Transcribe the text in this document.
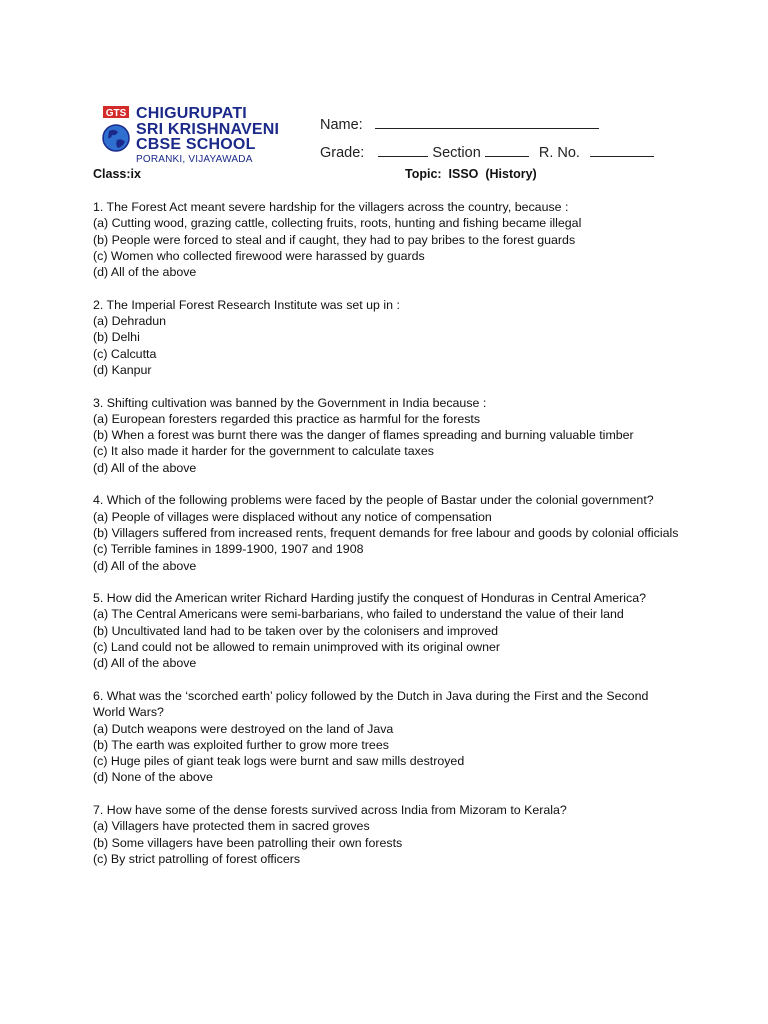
GTS CHIGURUPATI
SRI KRISHNAVENI
CBSE SCHOOL
PORANKI, VIJAYAWADA
Name:
Grade:	Section	R. No.
Class:ix	Topic:  ISSO  (History)

1. The Forest Act meant severe hardship for the villagers across the country, because :

(a) Cutting wood, grazing cattle, collecting fruits, roots, hunting and fishing became illegal

(b) People were forced to steal and if caught, they had to pay bribes to the forest guards

(c) Women who collected firewood were harassed by guards

(d) All of the above

2. The Imperial Forest Research Institute was set up in :

(a) Dehradun

(b) Delhi

(c) Calcutta

(d) Kanpur

3. Shifting cultivation was banned by the Government in India because :

(a) European foresters regarded this practice as harmful for the forests

(b) When a forest was burnt there was the danger of flames spreading and burning valuable timber

(c) It also made it harder for the government to calculate taxes

(d) All of the above

4. Which of the following problems were faced by the people of Bastar under the colonial government?

(a) People of villages were displaced without any notice of compensation

(b) Villagers suffered from increased rents, frequent demands for free labour and goods by colonial officials

(c) Terrible famines in 1899-1900, 1907 and 1908

(d) All of the above

5. How did the American writer Richard Harding justify the conquest of Honduras in Central America?

(a) The Central Americans were semi-barbarians, who failed to understand the value of their land

(b) Uncultivated land had to be taken over by the colonisers and improved

(c) Land could not be allowed to remain unimproved with its original owner

(d) All of the above

6. What was the ‘scorched earth’ policy followed by the Dutch in Java during the First and the Second World Wars?

(a) Dutch weapons were destroyed on the land of Java

(b) The earth was exploited further to grow more trees

(c) Huge piles of giant teak logs were burnt and saw mills destroyed

(d) None of the above

7. How have some of the dense forests survived across India from Mizoram to Kerala?

(a) Villagers have protected them in sacred groves

(b) Some villagers have been patrolling their own forests

(c) By strict patrolling of forest officers
